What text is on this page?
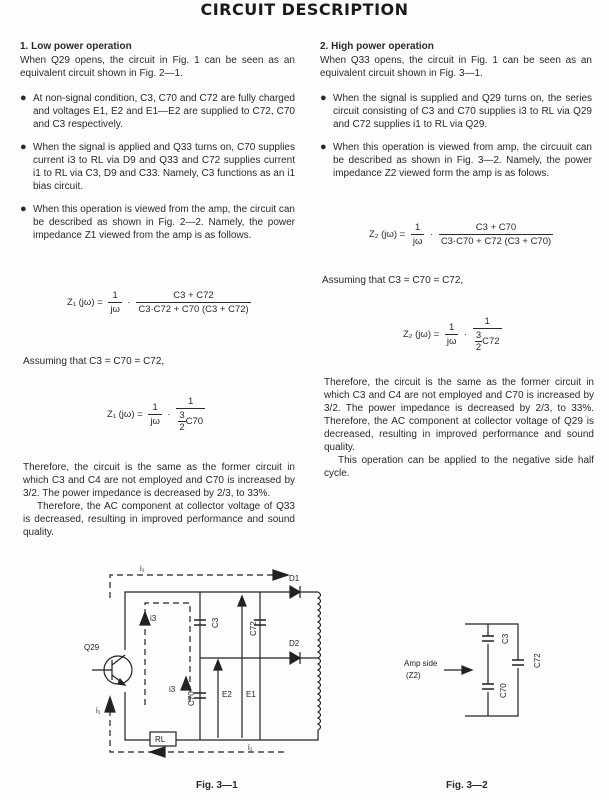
CIRCUIT DESCRIPTION
1. Low power operation

When Q29 opens, the circuit in Fig. 1 can be seen as an equivalent circuit shown in Fig. 2—1.

● At non-signal condition, C3, C70 and C72 are fully charged and voltages E1, E2 and E1—E2 are supplied to C72, C70 and C3 respectively.
● When the signal is applied and Q33 turns on, C70 supplies current i3 to RL via D9 and Q33 and C72 supplies current i1 to RL via C3, D9 and C33. Namely, C3 functions as an i1 bias circuit.
● When this operation is viewed from the amp, the circuit can be described as shown in Fig. 2—2. Namely, the power impedance Z1 viewed from the amp is as follows.
Z₁ $(j\omega) = \frac{1}{j\omega} \cdot \frac{C3 + C72}{C3\cdot C72 + C70 (C3 + C72)}$
Assuming that C3 = C70 = C72,
Z₁ $(j\omega) = \frac{1}{j\omega} \cdot \frac{1}{\frac{3}{2} C70}$

Therefore, the circuit is the same as the former circuit in which C3 and C4 are not employed and C70 is increased by 3/2. The power impedance is decreased by 2/3, to 33%.

Therefore, the AC component at collector voltage of Q33 is decreased, resulting in improved performance and sound quality.

2. High power operation

When Q33 opens, the circuit in Fig. 1 can be seen as an equivalent circuit shown in Fig. 3—1.

● When the signal is supplied and Q29 turns on, the series circuit consisting of C3 and C70 supplies i3 to RL via Q29 and C72 supplies i1 to RL via Q29.
● When this operation is viewed from amp, the circuuit can be described as shown in Fig. 3—2. Namely, the power impedance Z2 viewed form the amp is as folows.
Z₂ $(j\omega) = \frac{1}{j\omega} \cdot \frac{C3 + C70}{C3\cdot C70 + C72 (C3 + C70)}$
Assuming that C3 = C70 = C72,
Z₂ $(j\omega) = \frac{1}{j\omega} \cdot \frac{1}{\frac{3}{2} C72}$

Therefore, the circuit is the same as the former circuit in which C3 and C4 are not employed and C70 is increased by 3/2. The power impedance is decreased by 2/3, to 33%. Therefore, the AC component at collector voltage of Q29 is decreased, resulting in improved performance and sound quality.

This operation can be applied to the negative side half cycle.

i₁
i3
i3
i₁
i₁
Q29
RL
C3	C72
C70	E2 E1
D1
D2
Amp side
(Z2)
C3
C70
C72
Fig. 3—1	Fig. 3—2
